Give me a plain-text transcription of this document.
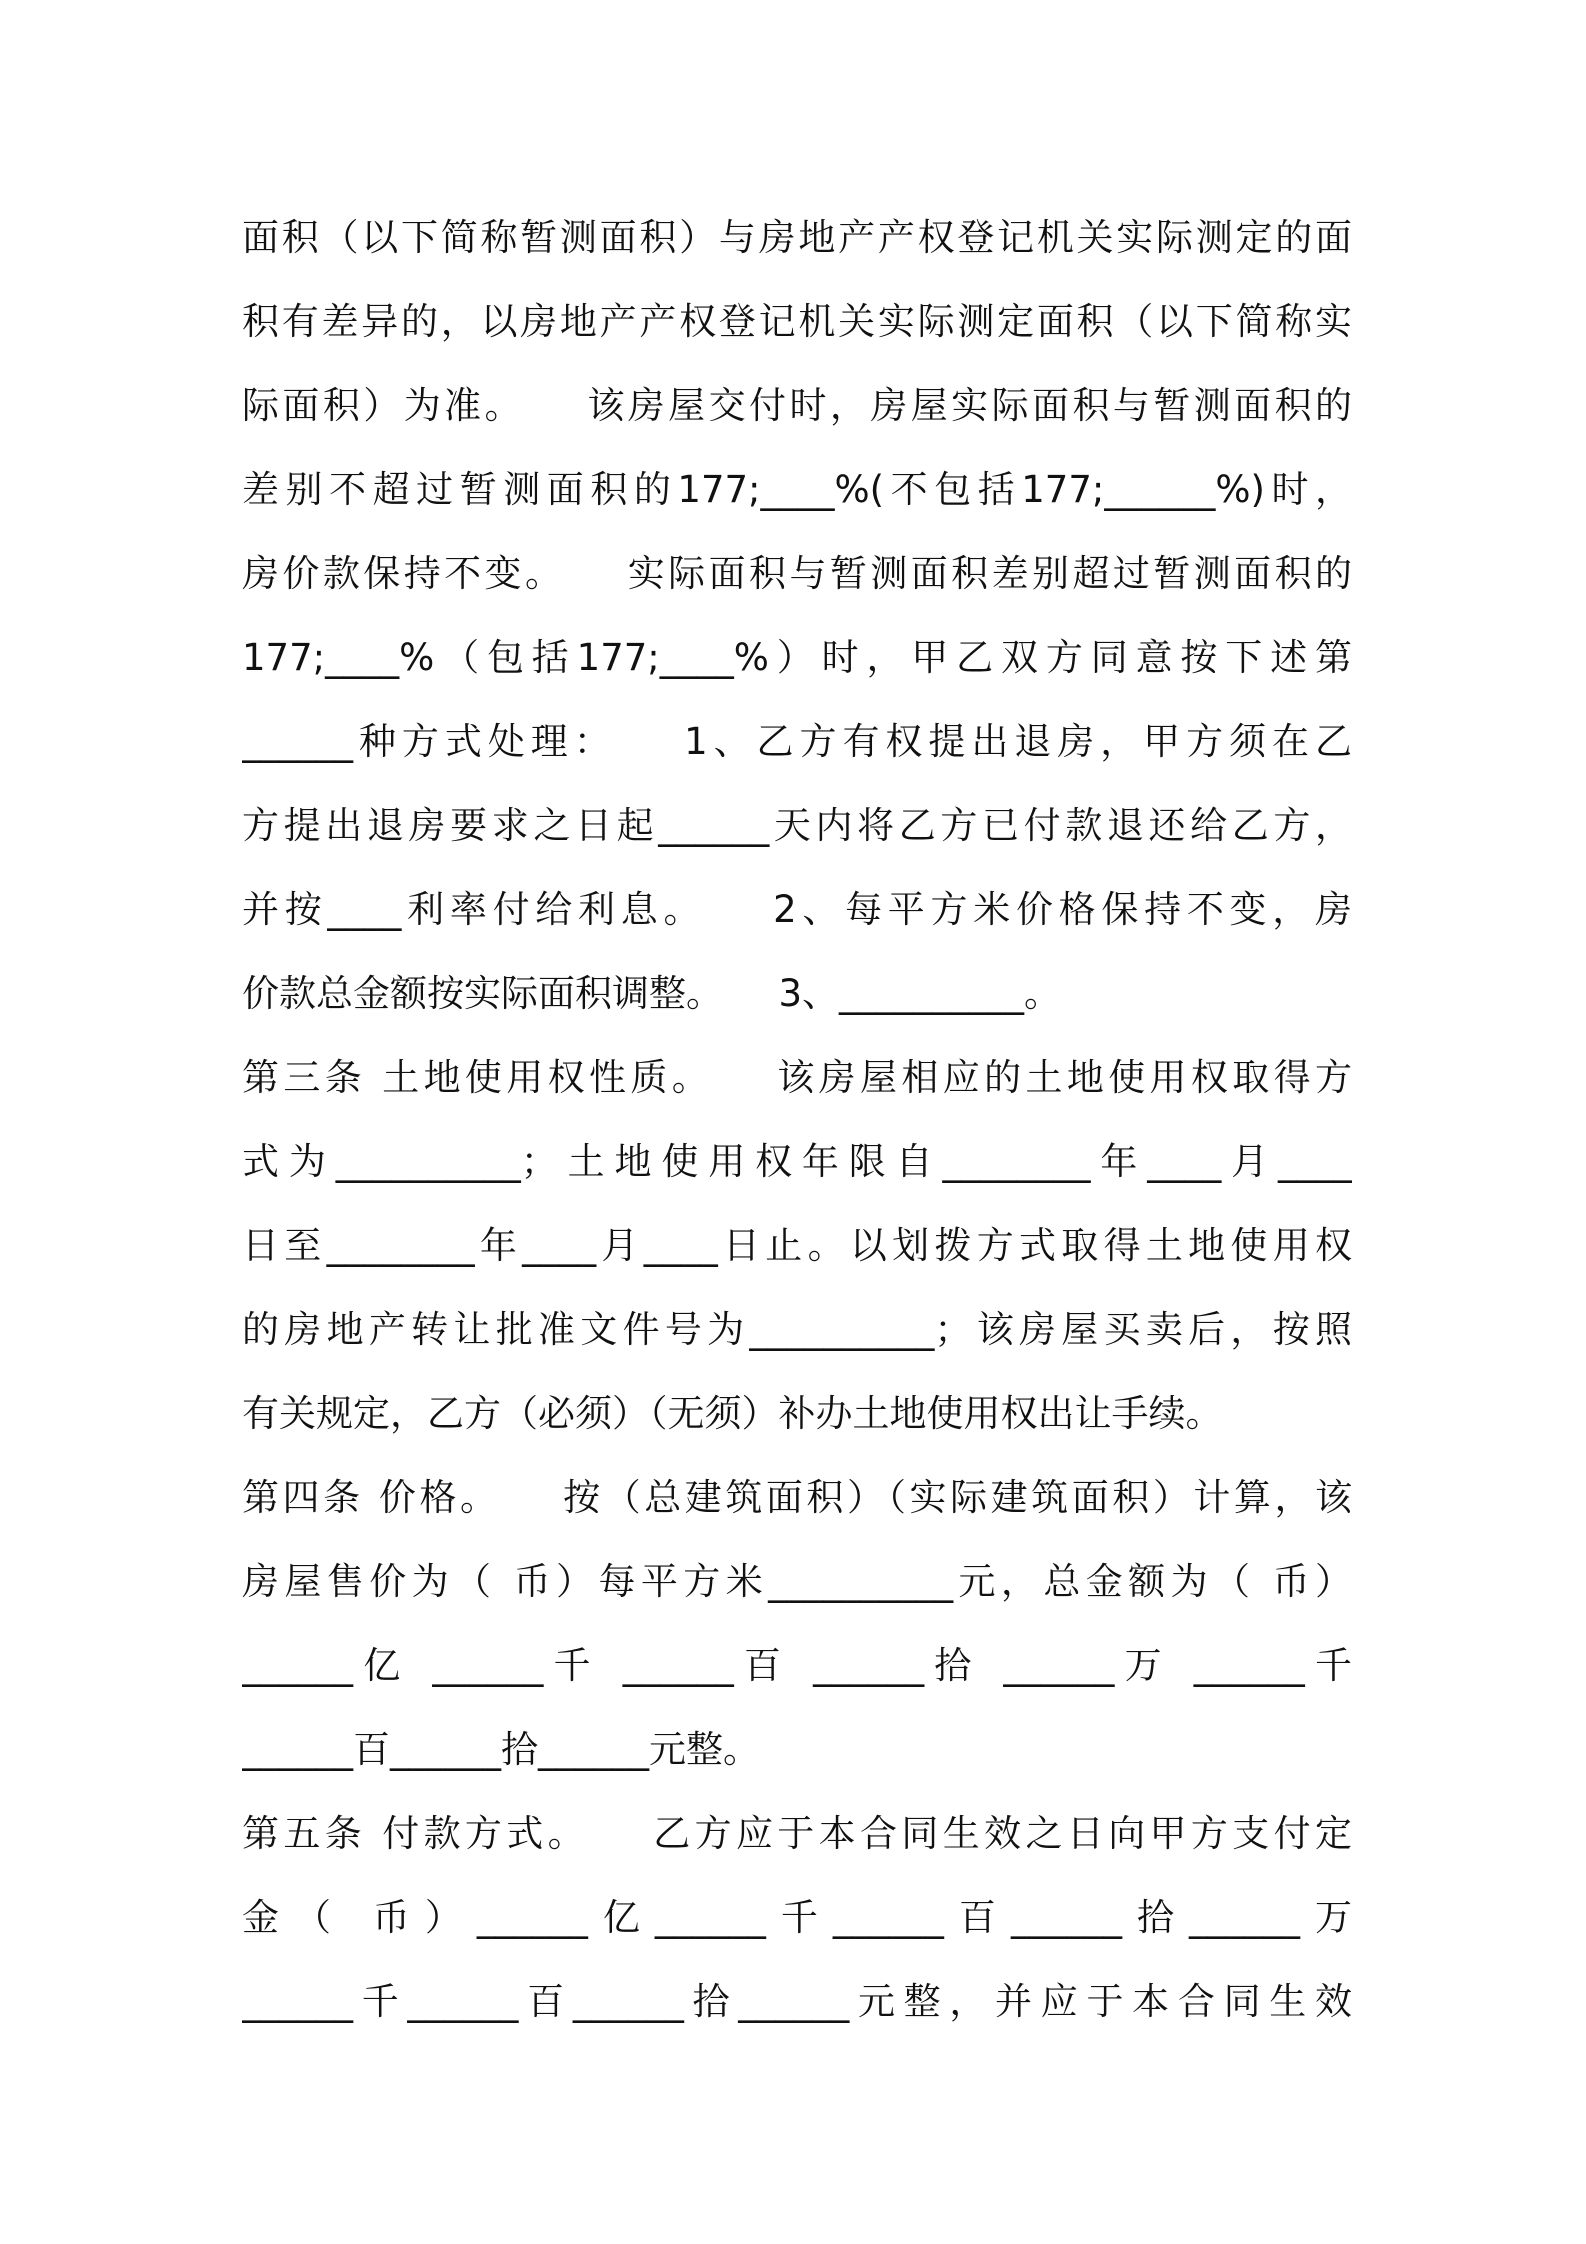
面积（以下简称暂测面积）与房地产产权登记机关实际测定的面
积有差异的，以房地产产权登记机关实际测定面积（以下简称实
际面积）为准。　　该房屋交付时，房屋实际面积与暂测面积的
差别不超过暂测面积的177;____%(不包括177;______%)时，
房价款保持不变。　　实际面积与暂测面积差别超过暂测面积的
177;____%（包括177;____%）时，甲乙双方同意按下述第
______种方式处理：　　1、乙方有权提出退房，甲方须在乙
方提出退房要求之日起______天内将乙方已付款退还给乙方，
并按____利率付给利息。　　2、每平方米价格保持不变，房
价款总金额按实际面积调整。　　3、__________。
第三条 土地使用权性质。　　该房屋相应的土地使用权取得方
式为__________；土地使用权年限自________年____月____
日至________年____月____日止。以划拨方式取得土地使用权
的房地产转让批准文件号为__________；该房屋买卖后，按照
有关规定，乙方（必须）（无须）补办土地使用权出让手续。
第四条 价格。　　按（总建筑面积）（实际建筑面积）计算，该
房屋售价为（ 币）每平方米__________元，总金额为（ 币）
______亿 ______千 ______百 ______拾 ______万 ______千
______百______拾______元整。
第五条 付款方式。　　乙方应于本合同生效之日向甲方支付定
金（ 币）______亿______千______百______拾______万
______千______百______拾______元整，并应于本合同生效
